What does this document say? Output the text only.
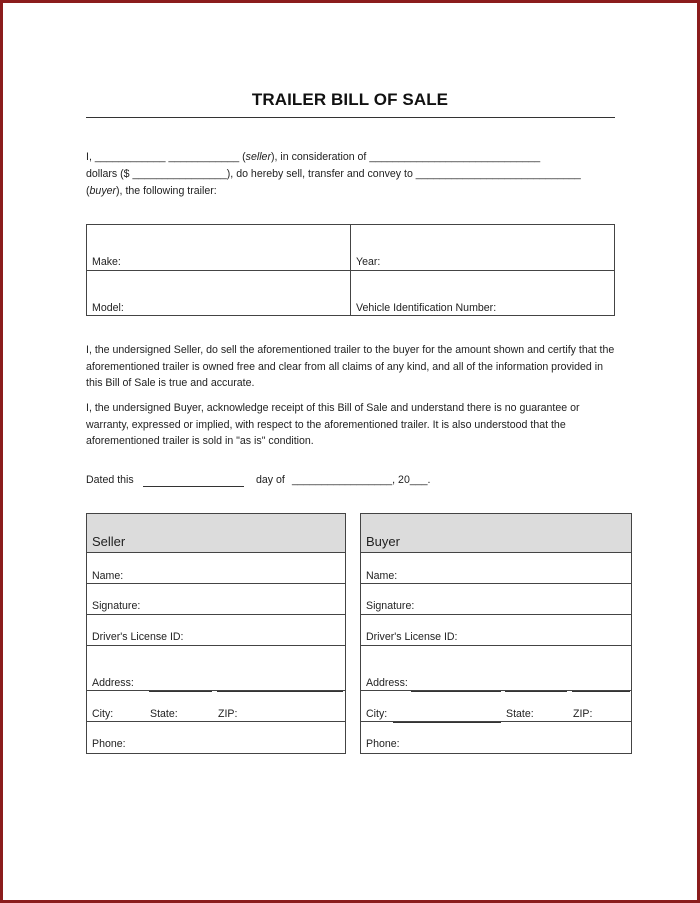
TRAILER BILL OF SALE
I, ____________ ____________ (seller), in consideration of _____________________________
dollars ($ ________________), do hereby sell, transfer and convey to ____________________________
(buyer), the following trailer:
Make:	Year:
Model:	Vehicle Identification Number:

I, the undersigned Seller, do sell the aforementioned trailer to the buyer for the amount shown and certify that the aforementioned trailer is owned free and clear from all claims of any kind, and all of the information provided in this Bill of Sale is true and accurate.

I, the undersigned Buyer, acknowledge receipt of this Bill of Sale and understand there is no guarantee or warranty, expressed or implied, with respect to the aforementioned trailer. It is also understood that the aforementioned trailer is sold in "as is" condition.

Dated this	day of _________________, 20___.
Seller
Name:
Signature:
Driver's License ID:
Address:
City:	State:	ZIP:
Phone:
Buyer
Name:
Signature:
Driver's License ID:
Address:
City:	State:	ZIP:
Phone:
